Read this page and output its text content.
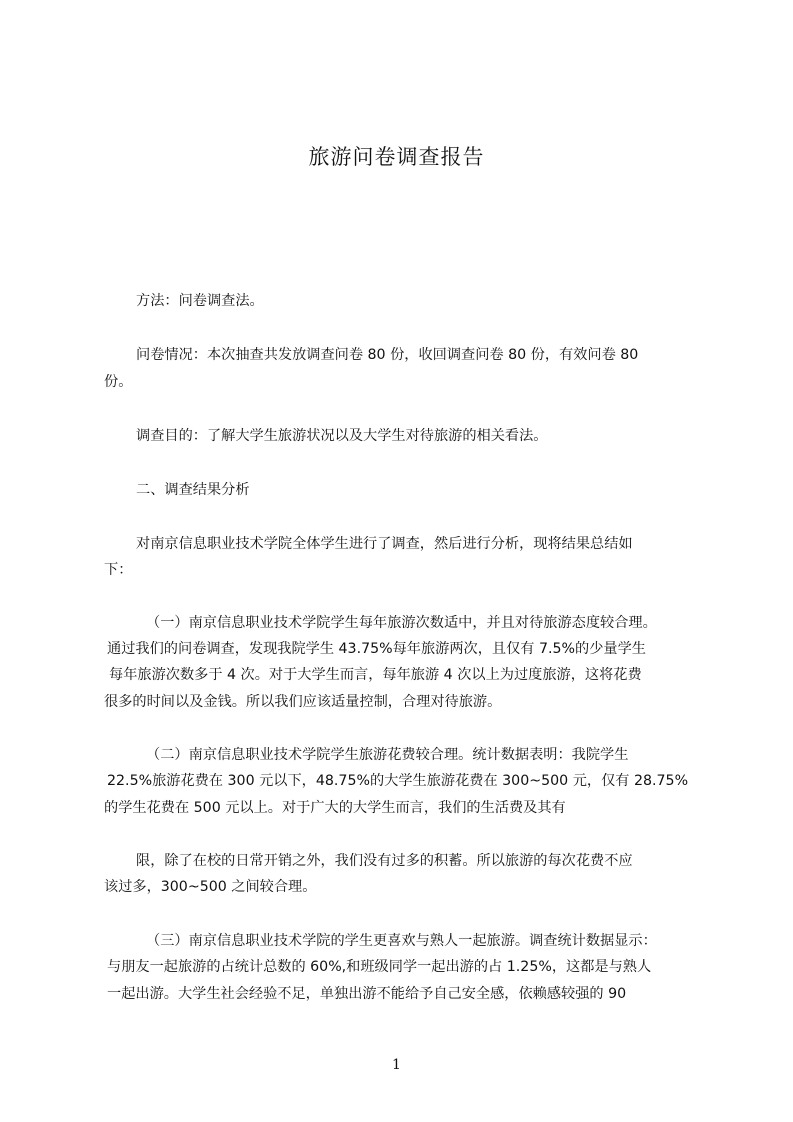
旅游问卷调查报告
方法：问卷调查法。
问卷情况：本次抽查共发放调查问卷 80 份，收回调查问卷 80 份，有效问卷 80
份。
调查目的：了解大学生旅游状况以及大学生对待旅游的相关看法。
二、调查结果分析
对南京信息职业技术学院全体学生进行了调查，然后进行分析，现将结果总结如
下：
（一）南京信息职业技术学院学生每年旅游次数适中，并且对待旅游态度较合理。
通过我们的问卷调查，发现我院学生 43.75%每年旅游两次，且仅有 7.5%的少量学生
每年旅游次数多于 4 次。对于大学生而言，每年旅游 4 次以上为过度旅游，这将花费
很多的时间以及金钱。所以我们应该适量控制，合理对待旅游。
（二）南京信息职业技术学院学生旅游花费较合理。统计数据表明：我院学生
22.5%旅游花费在 300 元以下，48.75%的大学生旅游花费在 300~500 元，仅有 28.75%
的学生花费在 500 元以上。对于广大的大学生而言，我们的生活费及其有
限，除了在校的日常开销之外，我们没有过多的积蓄。所以旅游的每次花费不应
该过多，300~500 之间较合理。
（三）南京信息职业技术学院的学生更喜欢与熟人一起旅游。调查统计数据显示：
与朋友一起旅游的占统计总数的 60%,和班级同学一起出游的占 1.25%，这都是与熟人
一起出游。大学生社会经验不足，单独出游不能给予自己安全感，依赖感较强的 90
1
